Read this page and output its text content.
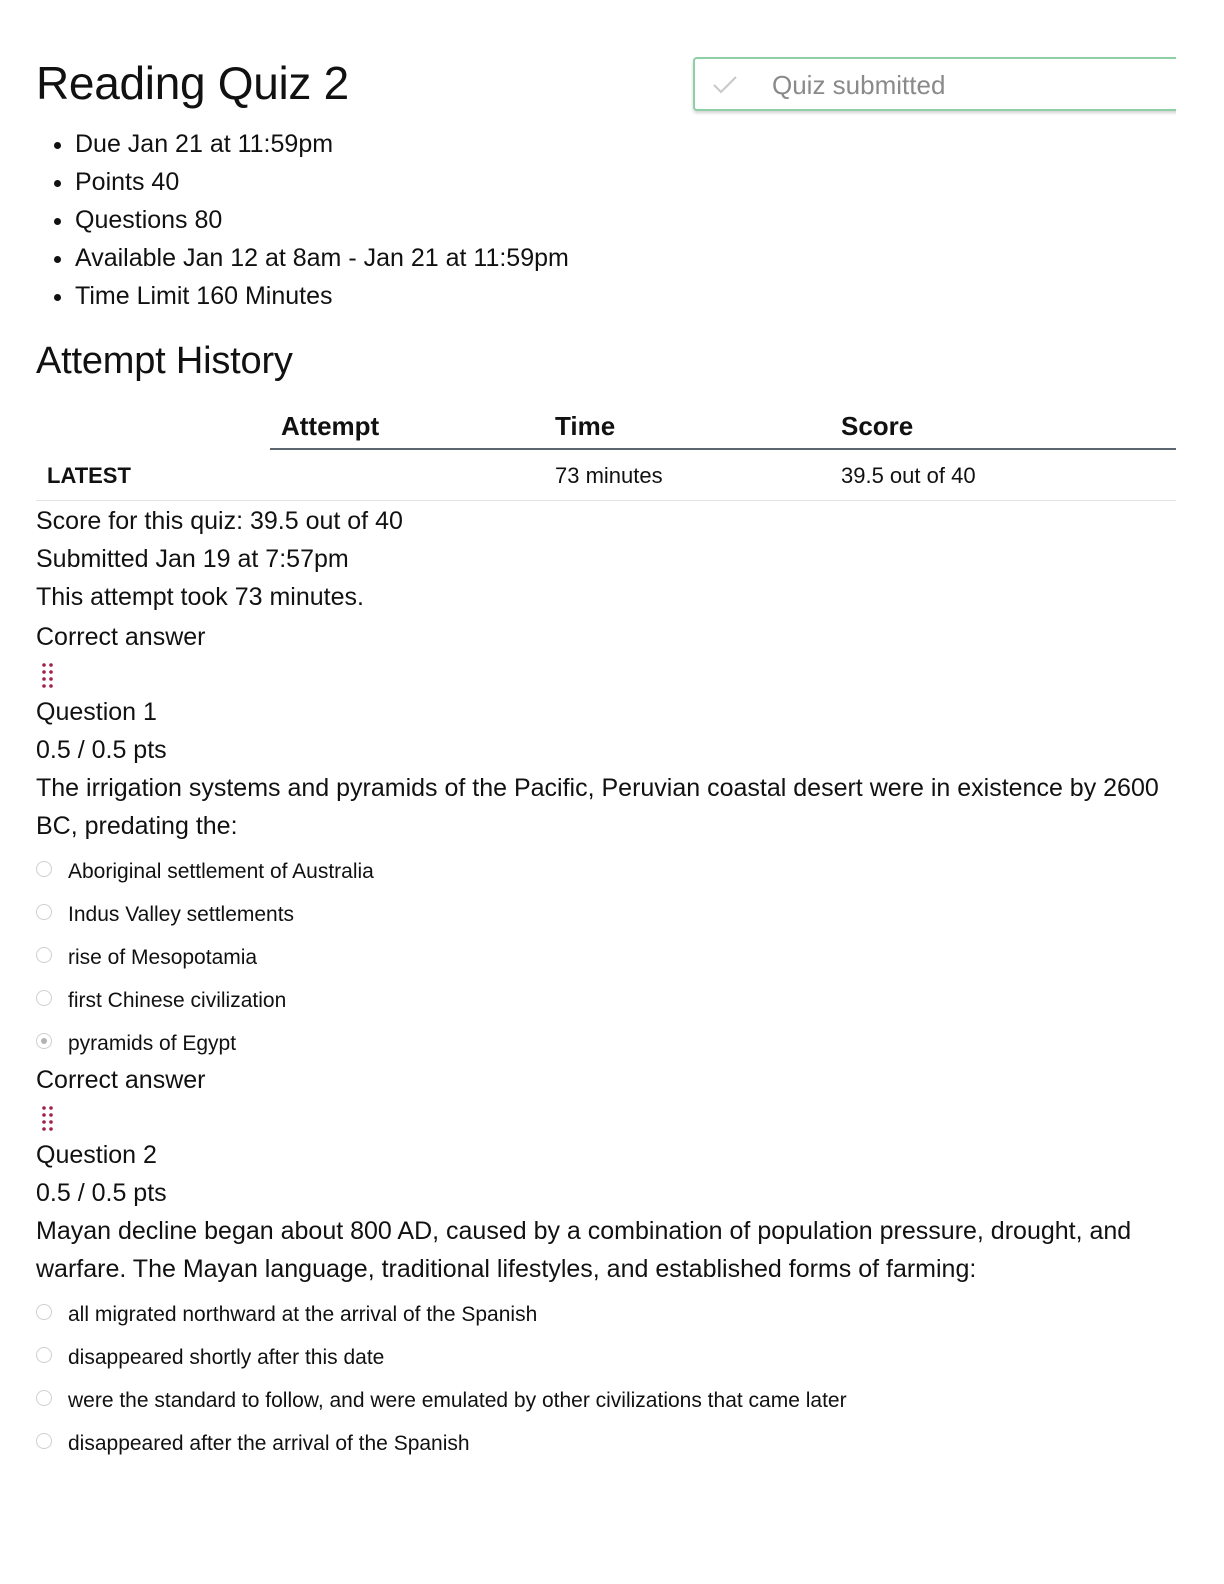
Reading Quiz 2	Quiz submitted
• Due Jan 21 at 11:59pm
• Points 40
• Questions 80
• Available Jan 12 at 8am - Jan 21 at 11:59pm
• Time Limit 160 Minutes
Attempt History
Attempt	Time	Score
LATEST	73 minutes	39.5 out of 40
Score for this quiz: 39.5 out of 40
Submitted Jan 19 at 7:57pm
This attempt took 73 minutes.
Correct answer
Question 1
0.5 / 0.5 pts
The irrigation systems and pyramids of the Pacific, Peruvian coastal desert were in existence by 2600 BC, predating the:
Aboriginal settlement of Australia
Indus Valley settlements
rise of Mesopotamia
first Chinese civilization
pyramids of Egypt
Correct answer
Question 2
0.5 / 0.5 pts
Mayan decline began about 800 AD, caused by a combination of population pressure, drought, and warfare. The Mayan language, traditional lifestyles, and established forms of farming:
all migrated northward at the arrival of the Spanish
disappeared shortly after this date
were the standard to follow, and were emulated by other civilizations that came later
disappeared after the arrival of the Spanish
